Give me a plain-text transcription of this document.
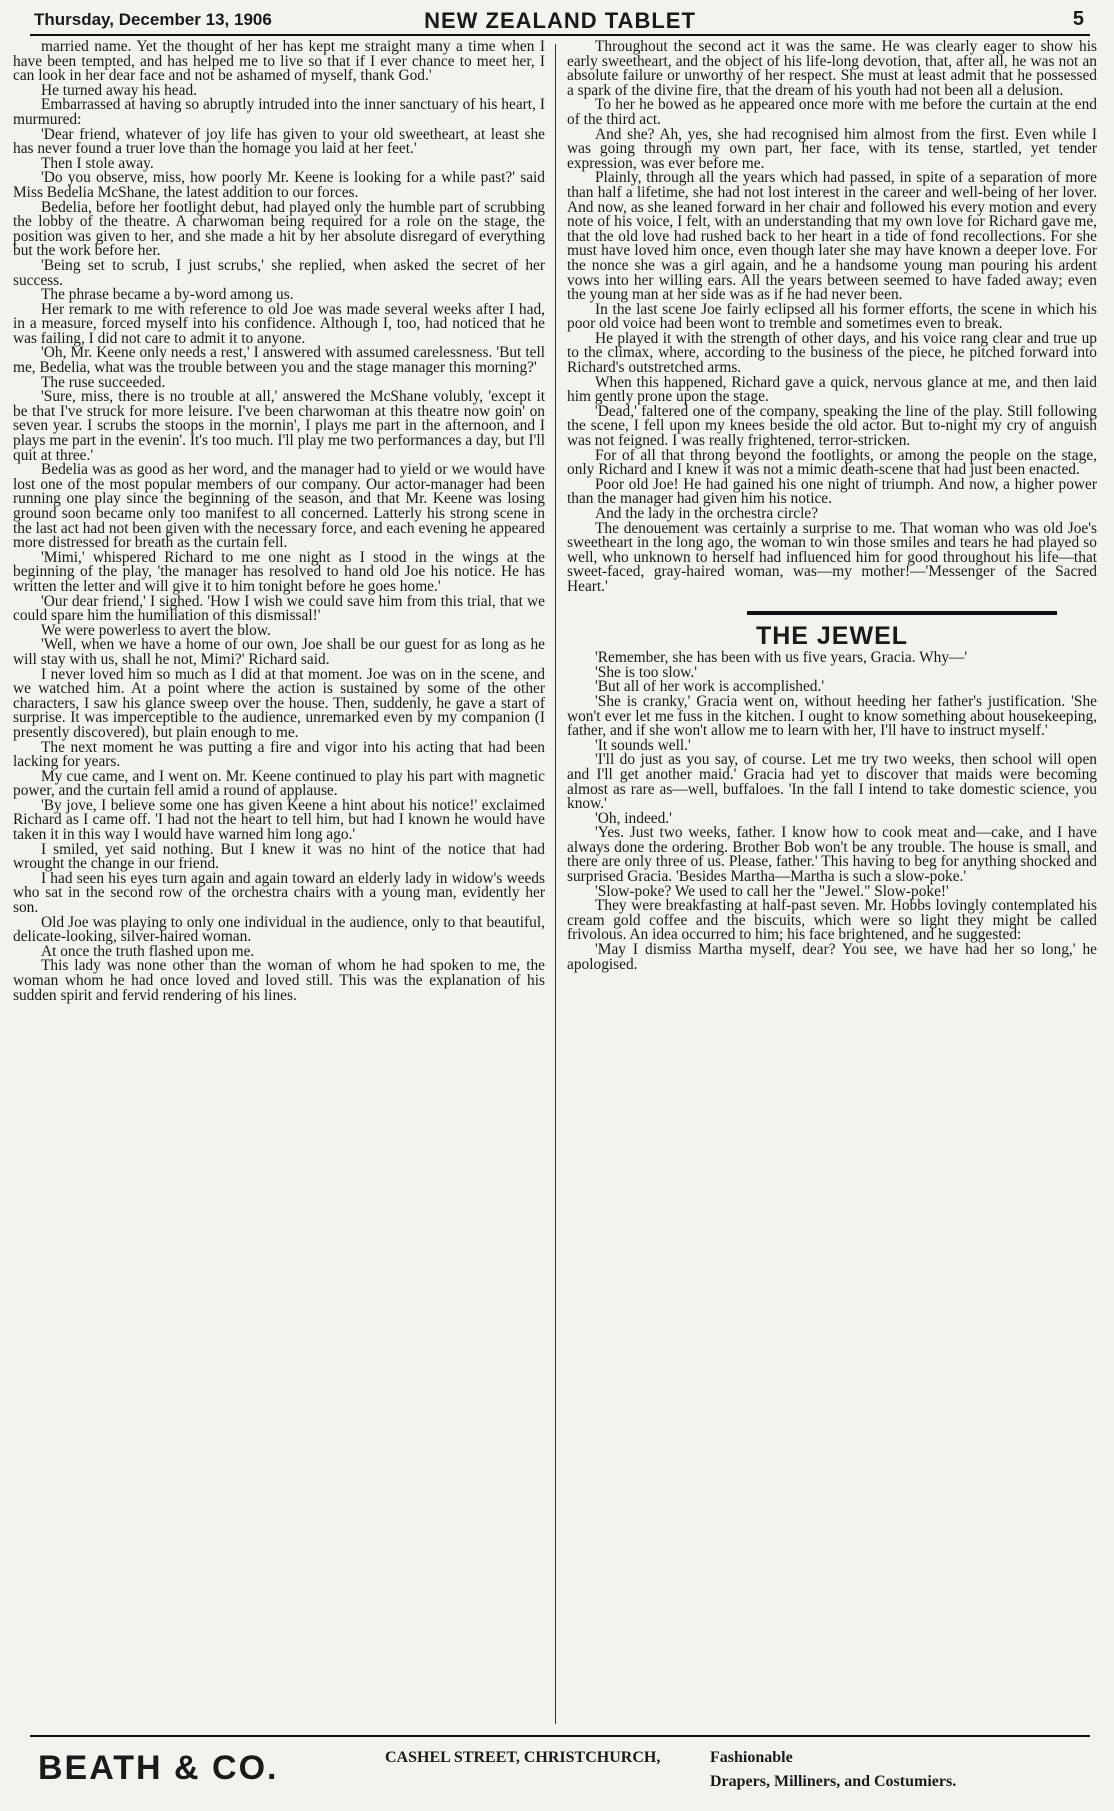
Thursday, December 13, 1906	NEW ZEALAND TABLET	5

married name. Yet the thought of her has kept me straight many a time when I have been tempted, and has helped me to live so that if I ever chance to meet her, I can look in her dear face and not be ashamed of myself, thank God.'

He turned away his head.

Embarrassed at having so abruptly intruded into the inner sanctuary of his heart, I murmured:

'Dear friend, whatever of joy life has given to your old sweetheart, at least she has never found a truer love than the homage you laid at her feet.'

Then I stole away.

'Do you observe, miss, how poorly Mr. Keene is looking for a while past?' said Miss Bedelia McShane, the latest addition to our forces.

Bedelia, before her footlight debut, had played only the humble part of scrubbing the lobby of the theatre. A charwoman being required for a role on the stage, the position was given to her, and she made a hit by her absolute disregard of everything but the work before her.

'Being set to scrub, I just scrubs,' she replied, when asked the secret of her success.

The phrase became a by-word among us.

Her remark to me with reference to old Joe was made several weeks after I had, in a measure, forced myself into his confidence. Although I, too, had noticed that he was failing, I did not care to admit it to anyone.

'Oh, Mr. Keene only needs a rest,' I answered with assumed carelessness. 'But tell me, Bedelia, what was the trouble between you and the stage manager this morning?'

The ruse succeeded.

'Sure, miss, there is no trouble at all,' answered the McShane volubly, 'except it be that I've struck for more leisure. I've been charwoman at this theatre now goin' on seven year. I scrubs the stoops in the mornin', I plays me part in the afternoon, and I plays me part in the evenin'. It's too much. I'll play me two performances a day, but I'll quit at three.'

Bedelia was as good as her word, and the manager had to yield or we would have lost one of the most popular members of our company. Our actor-manager had been running one play since the beginning of the season, and that Mr. Keene was losing ground soon became only too manifest to all concerned. Latterly his strong scene in the last act had not been given with the necessary force, and each evening he appeared more distressed for breath as the curtain fell.

'Mimi,' whispered Richard to me one night as I stood in the wings at the beginning of the play, 'the manager has resolved to hand old Joe his notice. He has written the letter and will give it to him tonight before he goes home.'

'Our dear friend,' I sighed. 'How I wish we could save him from this trial, that we could spare him the humiliation of this dismissal!'

We were powerless to avert the blow.

'Well, when we have a home of our own, Joe shall be our guest for as long as he will stay with us, shall he not, Mimi?' Richard said.

I never loved him so much as I did at that moment. Joe was on in the scene, and we watched him. At a point where the action is sustained by some of the other characters, I saw his glance sweep over the house. Then, suddenly, he gave a start of surprise. It was imperceptible to the audience, unremarked even by my companion (I presently discovered), but plain enough to me.

The next moment he was putting a fire and vigor into his acting that had been lacking for years.

My cue came, and I went on. Mr. Keene continued to play his part with magnetic power, and the curtain fell amid a round of applause.

'By jove, I believe some one has given Keene a hint about his notice!' exclaimed Richard as I came off. 'I had not the heart to tell him, but had I known he would have taken it in this way I would have warned him long ago.'

I smiled, yet said nothing. But I knew it was no hint of the notice that had wrought the change in our friend.

I had seen his eyes turn again and again toward an elderly lady in widow's weeds who sat in the second row of the orchestra chairs with a young man, evidently her son.

Old Joe was playing to only one individual in the audience, only to that beautiful, delicate-looking, silver-haired woman.

At once the truth flashed upon me.

This lady was none other than the woman of whom he had spoken to me, the woman whom he had once loved and loved still. This was the explanation of his sudden spirit and fervid rendering of his lines.

Throughout the second act it was the same. He was clearly eager to show his early sweetheart, and the object of his life-long devotion, that, after all, he was not an absolute failure or unworthy of her respect. She must at least admit that he possessed a spark of the divine fire, that the dream of his youth had not been all a delusion.

To her he bowed as he appeared once more with me before the curtain at the end of the third act.

And she? Ah, yes, she had recognised him almost from the first. Even while I was going through my own part, her face, with its tense, startled, yet tender expression, was ever before me.

Plainly, through all the years which had passed, in spite of a separation of more than half a lifetime, she had not lost interest in the career and well-being of her lover. And now, as she leaned forward in her chair and followed his every motion and every note of his voice, I felt, with an understanding that my own love for Richard gave me, that the old love had rushed back to her heart in a tide of fond recollections. For she must have loved him once, even though later she may have known a deeper love. For the nonce she was a girl again, and he a handsome young man pouring his ardent vows into her willing ears. All the years between seemed to have faded away; even the young man at her side was as if he had never been.

In the last scene Joe fairly eclipsed all his former efforts, the scene in which his poor old voice had been wont to tremble and sometimes even to break.

He played it with the strength of other days, and his voice rang clear and true up to the climax, where, according to the business of the piece, he pitched forward into Richard's outstretched arms.

When this happened, Richard gave a quick, nervous glance at me, and then laid him gently prone upon the stage.

'Dead,' faltered one of the company, speaking the line of the play. Still following the scene, I fell upon my knees beside the old actor. But to-night my cry of anguish was not feigned. I was really frightened, terror-stricken.

For of all that throng beyond the footlights, or among the people on the stage, only Richard and I knew it was not a mimic death-scene that had just been enacted.

Poor old Joe! He had gained his one night of triumph. And now, a higher power than the manager had given him his notice.

And the lady in the orchestra circle?

The denouement was certainly a surprise to me. That woman who was old Joe's sweetheart in the long ago, the woman to win those smiles and tears he had played so well, who unknown to herself had influenced him for good throughout his life—that sweet-faced, gray-haired woman, was—my mother!—'Messenger of the Sacred Heart.'

THE JEWEL

'Remember, she has been with us five years, Gracia. Why—'

'She is too slow.'

'But all of her work is accomplished.'

'She is cranky,' Gracia went on, without heeding her father's justification. 'She won't ever let me fuss in the kitchen. I ought to know something about housekeeping, father, and if she won't allow me to learn with her, I'll have to instruct myself.'

'It sounds well.'

'I'll do just as you say, of course. Let me try two weeks, then school will open and I'll get another maid.' Gracia had yet to discover that maids were becoming almost as rare as—well, buffaloes. 'In the fall I intend to take domestic science, you know.'

'Oh, indeed.'

'Yes. Just two weeks, father. I know how to cook meat and—cake, and I have always done the ordering. Brother Bob won't be any trouble. The house is small, and there are only three of us. Please, father.' This having to beg for anything shocked and surprised Gracia. 'Besides Martha—Martha is such a slow-poke.'

'Slow-poke? We used to call her the "Jewel." Slow-poke!'

They were breakfasting at half-past seven. Mr. Hobbs lovingly contemplated his cream gold coffee and the biscuits, which were so light they might be called frivolous. An idea occurred to him; his face brightened, and he suggested:

'May I dismiss Martha myself, dear? You see, we have had her so long,' he apologised.

BEATH & CO.	CASHEL STREET, CHRISTCHURCH,	Fashionable
Drapers, Milliners, and Costumiers.
